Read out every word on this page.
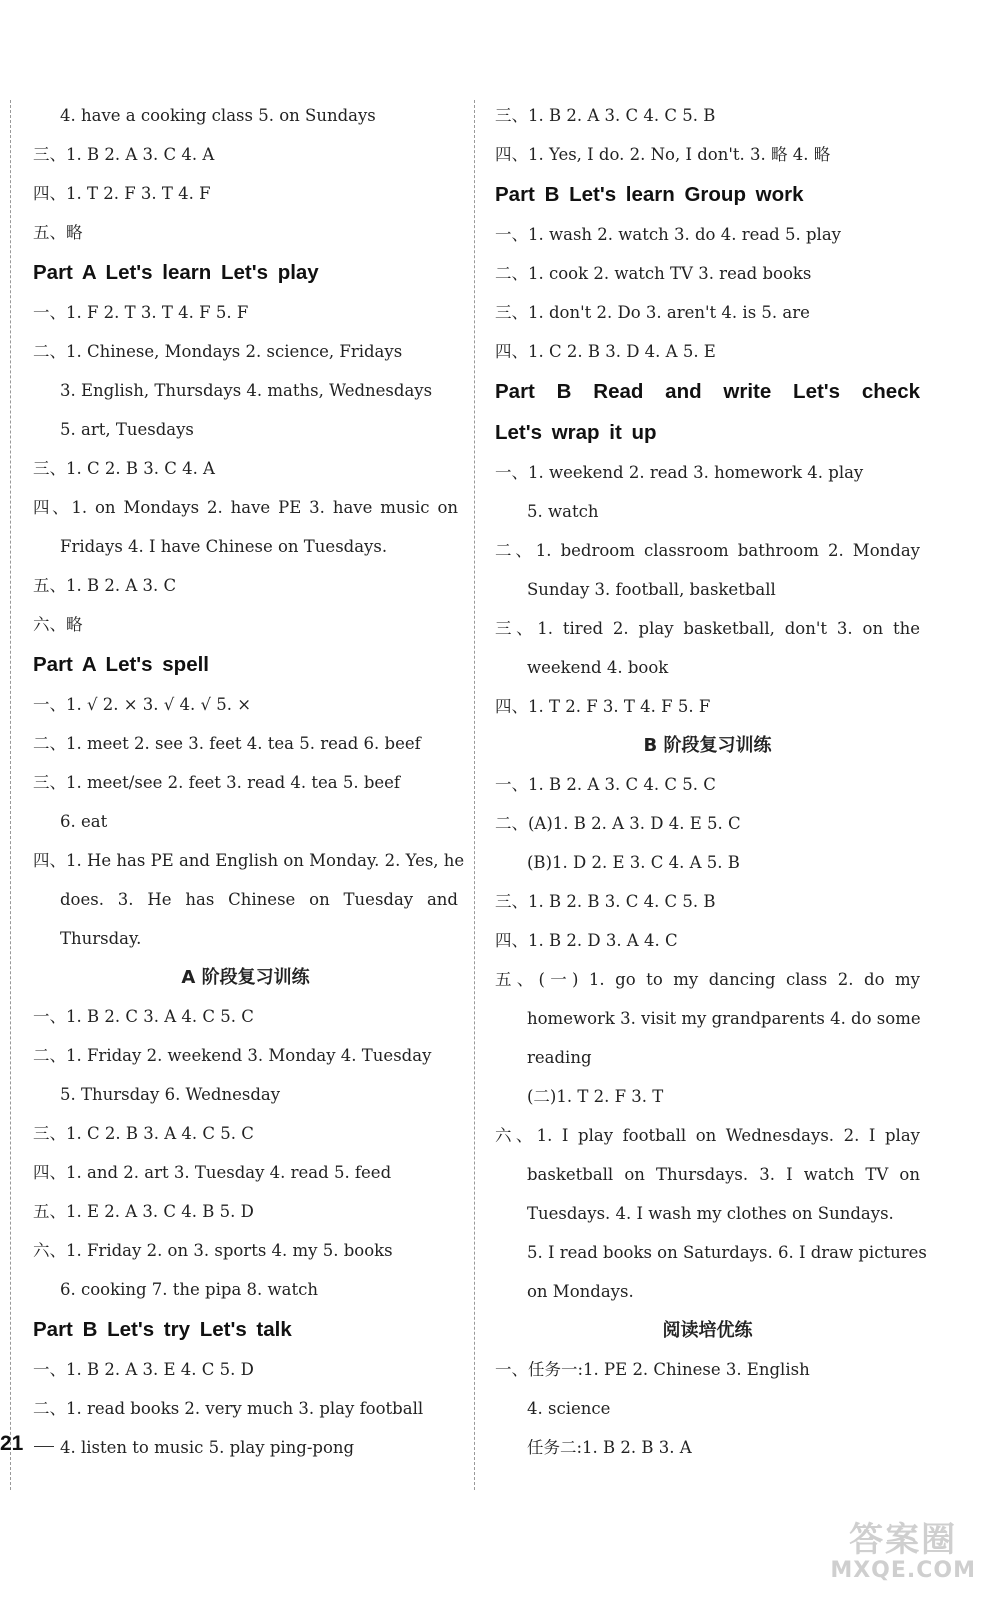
4. have a cooking class 5. on Sundays
三、1. B 2. A 3. C 4. A
四、1. T 2. F 3. T 4. F
五、略
Part A Let's learn Let's play
一、1. F 2. T 3. T 4. F 5. F
二、1. Chinese, Mondays 2. science, Fridays
3. English, Thursdays 4. maths, Wednesdays
5. art, Tuesdays
三、1. C 2. B 3. C 4. A
四、1. on Mondays 2. have PE 3. have music on
Fridays 4. I have Chinese on Tuesdays.
五、1. B 2. A 3. C
六、略
Part A Let's spell
一、1. √ 2. × 3. √ 4. √ 5. ×
二、1. meet 2. see 3. feet 4. tea 5. read 6. beef
三、1. meet/see 2. feet 3. read 4. tea 5. beef
6. eat
四、1. He has PE and English on Monday. 2. Yes, he
does. 3. He has Chinese on Tuesday and
Thursday.
A 阶段复习训练
一、1. B 2. C 3. A 4. C 5. C
二、1. Friday 2. weekend 3. Monday 4. Tuesday
5. Thursday 6. Wednesday
三、1. C 2. B 3. A 4. C 5. C
四、1. and 2. art 3. Tuesday 4. read 5. feed
五、1. E 2. A 3. C 4. B 5. D
六、1. Friday 2. on 3. sports 4. my 5. books
6. cooking 7. the pipa 8. watch
Part B Let's try Let's talk
一、1. B 2. A 3. E 4. C 5. D
二、1. read books 2. very much 3. play football
4. listen to music 5. play ping-pong
三、1. B 2. A 3. C 4. C 5. B
四、1. Yes, I do. 2. No, I don't. 3. 略 4. 略
Part B Let's learn Group work
一、1. wash 2. watch 3. do 4. read 5. play
二、1. cook 2. watch TV 3. read books
三、1. don't 2. Do 3. aren't 4. is 5. are
四、1. C 2. B 3. D 4. A 5. E
Part B Read and write Let's check
Let's wrap it up
一、1. weekend 2. read 3. homework 4. play
5. watch
二、1. bedroom classroom bathroom 2. Monday
Sunday 3. football, basketball
三、1. tired 2. play basketball, don't 3. on the
weekend 4. book
四、1. T 2. F 3. T 4. F 5. F
B 阶段复习训练
一、1. B 2. A 3. C 4. C 5. C
二、(A)1. B 2. A 3. D 4. E 5. C
(B)1. D 2. E 3. C 4. A 5. B
三、1. B 2. B 3. C 4. C 5. B
四、1. B 2. D 3. A 4. C
五、(一) 1. go to my dancing class 2. do my
homework 3. visit my grandparents 4. do some
reading
(二)1. T 2. F 3. T
六、1. I play football on Wednesdays. 2. I play
basketball on Thursdays. 3. I watch TV on
Tuesdays. 4. I wash my clothes on Sundays.
5. I read books on Saturdays. 6. I draw pictures
on Mondays.
阅读培优练
一、任务一:1. PE 2. Chinese 3. English
4. science
任务二:1. B 2. B 3. A
21
答案圈
MXQE.COM
